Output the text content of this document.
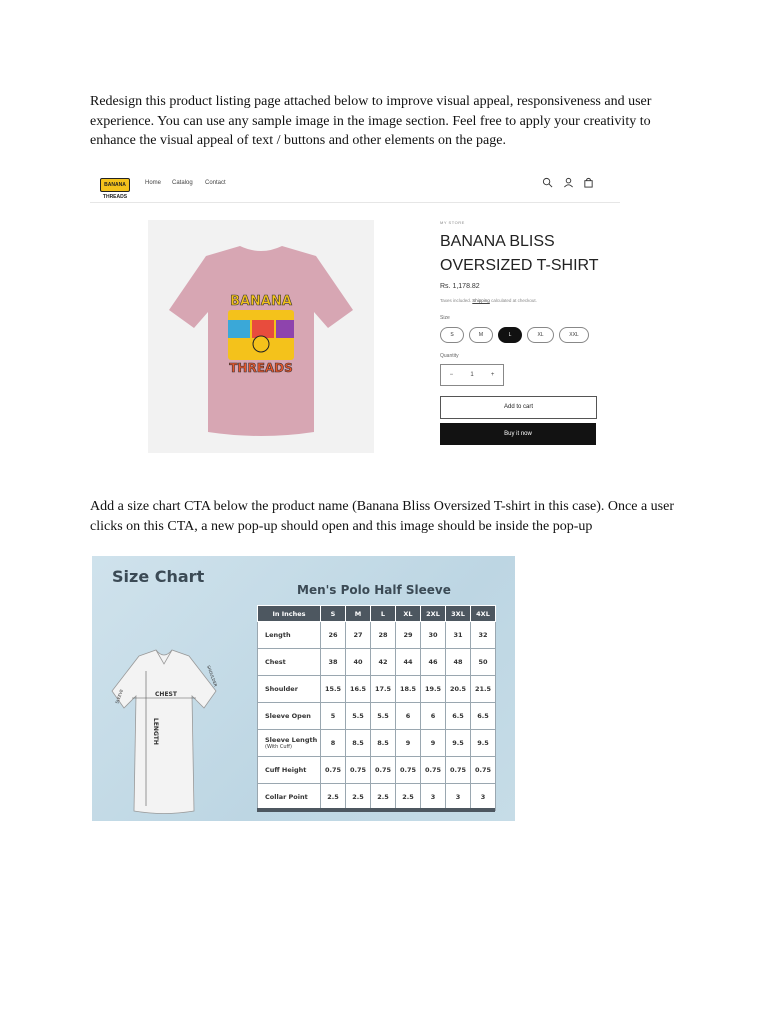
Redesign this product listing page attached below to improve visual appeal, responsiveness and user experience. You can use any sample image in the image section. Feel free to apply your creativity to enhance the visual appeal of text / buttons and other elements on the page.

BANANA THREADS
Home Catalog Contact
BANANA
THREADS
MY STORE
BANANA BLISS OVERSIZED T-SHIRT
Rs. 1,178.82
Taxes included. Shipping calculated at checkout.
Size
S	M	L	XL	XXL
Quantity
−	1	+
Add to cart
Buy it now

Add a size chart CTA below the product name (Banana Bliss Oversized T-shirt in this case). Once a user clicks on this CTA, a new pop-up should open and this image should be inside the pop-up

Size Chart
Men's Polo Half Sleeve
CHEST
LENGTH
SLEEVE
SHOULDER
In Inches	S	M	L	XL	2XL	3XL	4XL
Length	26	27	28	29	30	31	32
Chest	38	40	42	44	46	48	50
Shoulder	15.5	16.5	17.5	18.5	19.5	20.5	21.5
Sleeve Open	5	5.5	5.5	6	6	6.5	6.5
Sleeve Length
(With Cuff)	8	8.5	8.5	9	9	9.5	9.5
Cuff Height	0.75	0.75	0.75	0.75	0.75	0.75	0.75
Collar Point	2.5	2.5	2.5	2.5	3	3	3
